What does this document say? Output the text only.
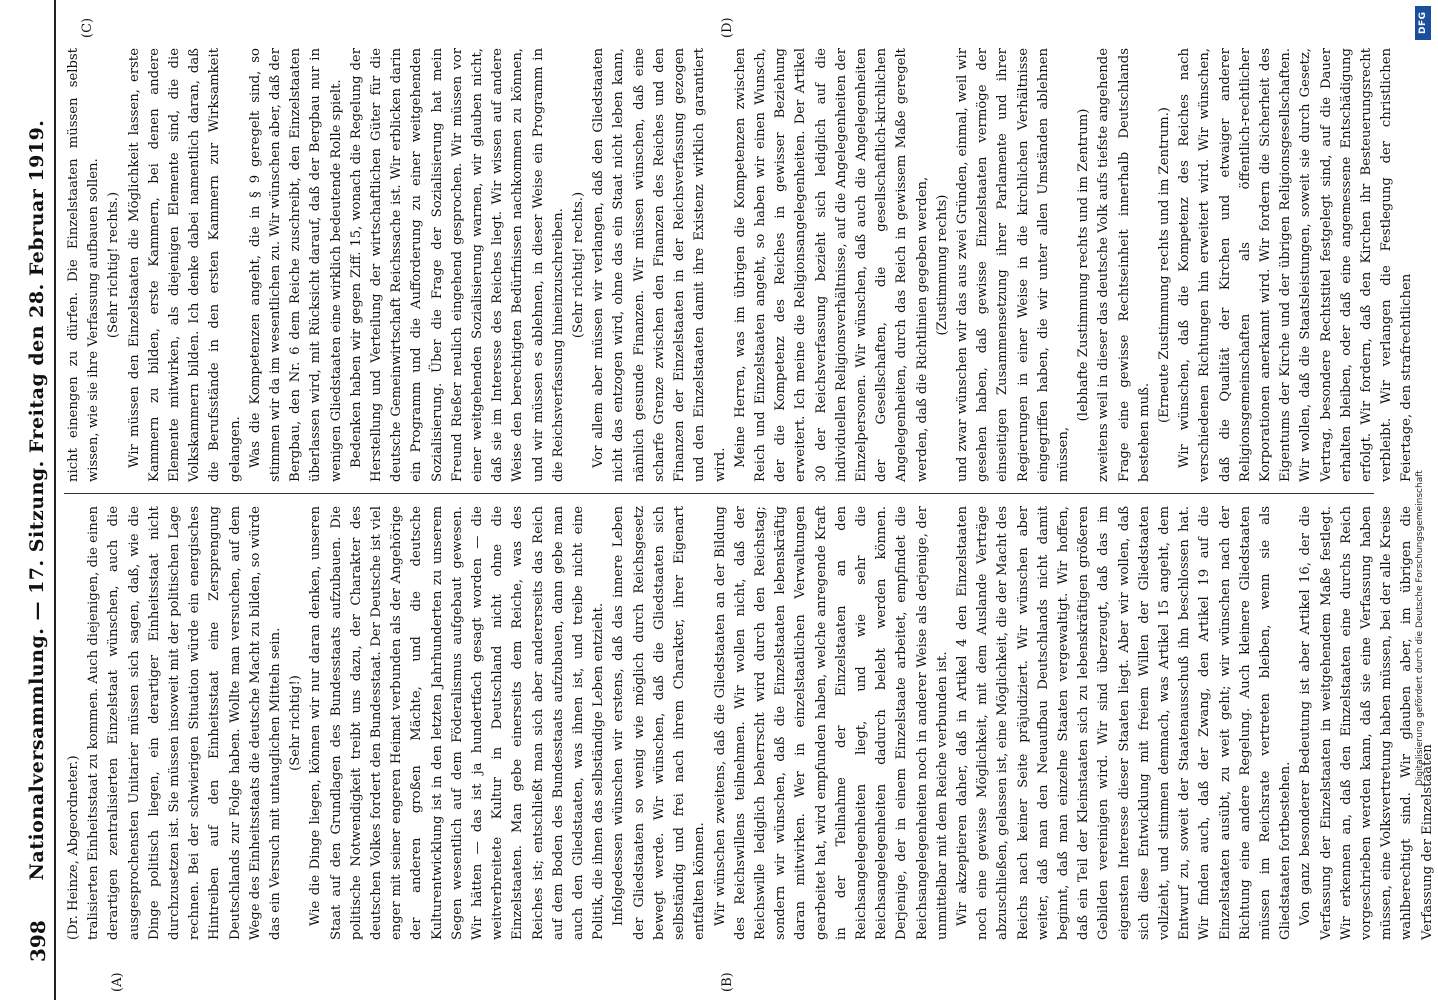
398
Nationalversammlung. — 17. Sitzung. Freitag den 28. Februar 1919.
(A)	(B)
(C)	(D)

(Dr. Heinze, Abgeordneter.) tralisierten Einheitsstaat zu kommen. Auch diejenigen, die einen derartigen zentralisierten Einzelstaat wünschen, auch die ausgesprochensten Unitarier müssen sich sagen, daß, wie die Dinge politisch liegen, ein derartiger Einheitsstaat nicht durchzusetzen ist. Sie müssen insoweit mit der politischen Lage rechnen. Bei der schwierigen Situation würde ein energisches Hintreiben auf den Einheitsstaat eine Zersprengung Deutschlands zur Folge haben. Wollte man versuchen, auf dem Wege des Einheitsstaats die deutsche Macht zu bilden, so würde das ein Versuch mit untauglichen Mitteln sein. (Sehr richtig!) Wie die Dinge liegen, können wir nur daran denken, unseren Staat auf den Grundlagen des Bundesstaats aufzubauen. Die politische Notwendigkeit treibt uns dazu, der Charakter des deutschen Volkes fordert den Bundesstaat. Der Deutsche ist viel enger mit seiner engeren Heimat verbunden als der Angehörige der anderen großen Mächte, und die deutsche Kulturentwicklung ist in den letzten Jahrhunderten zu unserem Segen wesentlich auf dem Föderalismus aufgebaut gewesen. Wir hätten — das ist ja hundertfach gesagt worden — die weitverbreitete Kultur in Deutschland nicht ohne die Einzelstaaten. Man gebe einerseits dem Reiche, was des Reiches ist; entschließt man sich aber andererseits das Reich auf dem Boden des Bundesstaats aufzubauen, dann gebe man auch den Gliedstaaten, was ihnen ist, und treibe nicht eine Politik, die ihnen das selbständige Leben entzieht. Infolgedessen wünschen wir erstens, daß das innere Leben der Gliedstaaten so wenig wie möglich durch Reichsgesetz bewegt werde. Wir wünschen, daß die Gliedstaaten sich selbständig und frei nach ihrem Charakter, ihrer Eigenart entfalten können. Wir wünschen zweitens, daß die Gliedstaaten an der Bildung des Reichswillens teilnehmen. Wir wollen nicht, daß der Reichswille lediglich beherrscht wird durch den Reichstag; sondern wir wünschen, daß die Einzelstaaten lebenskräftig daran mitwirken. Wer in einzelstaatlichen Verwaltungen gearbeitet hat, wird empfunden haben, welche anregende Kraft in der Teilnahme der Einzelstaaten an den Reichsangelegenheiten liegt, und wie sehr die Reichsangelegenheiten dadurch belebt werden können. Derjenige, der in einem Einzelstaate arbeitet, empfindet die Reichsangelegenheiten noch in anderer Weise als derjenige, der unmittelbar mit dem Reiche verbunden ist. Wir akzeptieren daher, daß in Artikel 4 den Einzelstaaten noch eine gewisse Möglichkeit, mit dem Auslande Verträge abzuschließen, gelassen ist, eine Möglichkeit, die der Macht des Reichs nach keiner Seite präjudiziert. Wir wünschen aber weiter, daß man den Neuaufbau Deutschlands nicht damit beginnt, daß man einzelne Staaten vergewaltigt. Wir hoffen, daß ein Teil der Kleinstaaten sich zu lebenskräftigen größeren Gebilden vereinigen wird. Wir sind überzeugt, daß das im eigensten Interesse dieser Staaten liegt. Aber wir wollen, daß sich diese Entwicklung mit freiem Willen der Gliedstaaten vollzieht, und stimmen demnach, was Artikel 15 angeht, dem Entwurf zu, soweit der Staatenausschuß ihn beschlossen hat. Wir finden auch, daß der Zwang, den Artikel 19 auf die Einzelstaaten ausübt, zu weit geht; wir wünschen nach der Richtung eine andere Regelung. Auch kleinere Gliedstaaten müssen im Reichsrate vertreten bleiben, wenn sie als Gliedstaaten fortbestehen. Von ganz besonderer Bedeutung ist aber Artikel 16, der die Verfassung der Einzelstaaten in weitgehendem Maße festlegt. Wir erkennen an, daß den Einzelstaaten eine durchs Reich vorgeschrieben werden kann, daß sie eine Verfassung haben müssen, eine Volksvertretung haben müssen, bei der alle Kreise wahlberechtigt sind. Wir glauben aber, im übrigen die Verfassung der Einzelstaaten

nicht einengen zu dürfen. Die Einzelstaaten müssen selbst wissen, wie sie ihre Verfassung aufbauen sollen. (Sehr richtig! rechts.) Wir müssen den Einzelstaaten die Möglichkeit lassen, erste Kammern zu bilden, erste Kammern, bei denen andere Elemente mitwirken, als diejenigen Elemente sind, die die Volkskammern bilden. Ich denke dabei namentlich daran, daß die Berufsstände in den ersten Kammern zur Wirksamkeit gelangen. Was die Kompetenzen angeht, die in § 9 geregelt sind, so stimmen wir da im wesentlichen zu. Wir wünschen aber, daß der Bergbau, den Nr. 6 dem Reiche zuschreibt, den Einzelstaaten überlassen wird, mit Rücksicht darauf, daß der Bergbau nur in wenigen Gliedstaaten eine wirklich bedeutende Rolle spielt. Bedenken haben wir gegen Ziff. 15, wonach die Regelung der Herstellung und Verteilung der wirtschaftlichen Güter für die deutsche Gemeinwirtschaft Reichssache ist. Wir erblicken darin ein Programm und die Aufforderung zu einer weitgehenden Sozialisierung. Über die Frage der Sozialisierung hat mein Freund Rießer neulich eingehend gesprochen. Wir müssen vor einer weitgehenden Sozialisierung warnen, wir glauben nicht, daß sie im Interesse des Reiches liegt. Wir wissen auf andere Weise den berechtigten Bedürfnissen nachkommen zu können, und wir müssen es ablehnen, in dieser Weise ein Programm in die Reichsverfassung hineinzuschreiben. (Sehr richtig! rechts.) Vor allem aber müssen wir verlangen, daß den Gliedstaaten nicht das entzogen wird, ohne das ein Staat nicht leben kann, nämlich gesunde Finanzen. Wir müssen wünschen, daß eine scharfe Grenze zwischen den Finanzen des Reiches und den Finanzen der Einzelstaaten in der Reichsverfassung gezogen und den Einzelstaaten damit ihre Existenz wirklich garantiert wird. Meine Herren, was im übrigen die Kompetenzen zwischen Reich und Einzelstaaten angeht, so haben wir einen Wunsch, der die Kompetenz des Reiches in gewisser Beziehung erweitert. Ich meine die Religionsangelegenheiten. Der Artikel 30 der Reichsverfassung bezieht sich lediglich auf die individuellen Religionsverhältnisse, auf die Angelegenheiten der Einzelpersonen. Wir wünschen, daß auch die Angelegenheiten der Gesellschaften, die gesellschaftlich-kirchlichen Angelegenheiten, durch das Reich in gewissem Maße geregelt werden, daß die Richtlinien gegeben werden, (Zustimmung rechts) und zwar wünschen wir das aus zwei Gründen, einmal, weil wir gesehen haben, daß gewisse Einzelstaaten vermöge der einseitigen Zusammensetzung ihrer Parlamente und ihrer Regierungen in einer Weise in die kirchlichen Verhältnisse eingegriffen haben, die wir unter allen Umständen ablehnen müssen,

(lebhafte Zustimmung rechts und im Zentrum) zweitens weil in dieser das deutsche Volk aufs tiefste angehende Frage eine gewisse Rechtseinheit innerhalb Deutschlands bestehen muß.

(Erneute Zustimmung rechts und im Zentrum.) Wir wünschen, daß die Kompetenz des Reiches nach verschiedenen Richtungen hin erweitert wird. Wir wünschen, daß die Qualität der Kirchen und etwaiger anderer Religionsgemeinschaften als öffentlich-rechtlicher Korporationen anerkannt wird. Wir fordern die Sicherheit des Eigentums der Kirche und der übrigen Religionsgesellschaften. Wir wollen, daß die Staatsleistungen, soweit sie durch Gesetz, Vertrag, besondere Rechtstitel festgelegt sind, auf die Dauer erhalten bleiben, oder daß eine angemessene Entschädigung erfolgt. Wir fordern, daß den Kirchen ihr Besteuerungsrecht verbleibt. Wir verlangen die Festlegung der christlichen Feiertage, den strafrechtlichen

DFG
Digitalisierung gefördert durch die Deutsche Forschungsgemeinschaft
